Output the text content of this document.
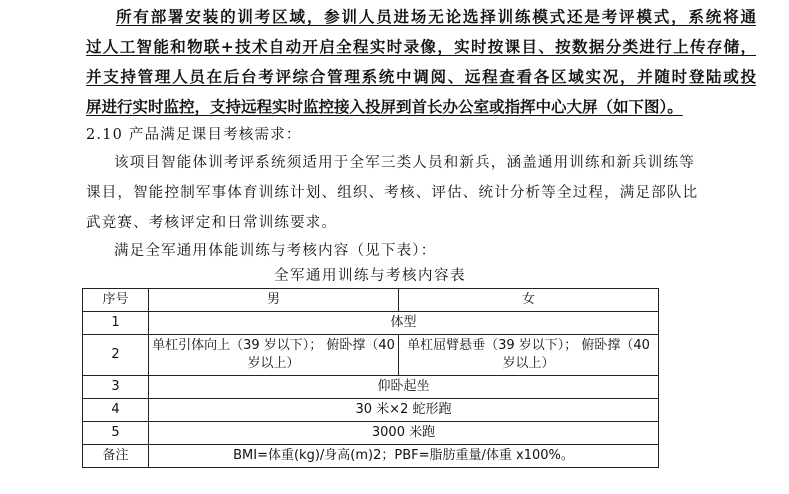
所有部署安装的训考区域，参训人员进场无论选择训练模式还是考评模式，系统将通
过人工智能和物联+技术自动开启全程实时录像，实时按课目、按数据分类进行上传存储，
并支持管理人员在后台考评综合管理系统中调阅、远程查看各区域实况，并随时登陆或投
屏进行实时监控，支持远程实时监控接入投屏到首长办公室或指挥中心大屏（如下图）。
2.10 产品满足课目考核需求：
该项目智能体训考评系统须适用于全军三类人员和新兵，涵盖通用训练和新兵训练等
课目，智能控制军事体育训练计划、组织、考核、评估、统计分析等全过程，满足部队比
武竞赛、考核评定和日常训练要求。
满足全军通用体能训练与考核内容（见下表）：
全军通用训练与考核内容表
序号	男	女
1	体型	
2	单杠引体向上（39 岁以下）； 俯卧撑（40 岁以上）	单杠屈臂悬垂（39 岁以下）； 俯卧撑（40 岁以上）
3	仰卧起坐	
4	30 米×2 蛇形跑	
5	3000 米跑	
备注	BMI=体重(kg)/身高(m)2；PBF=脂肪重量/体重 x100%。	
